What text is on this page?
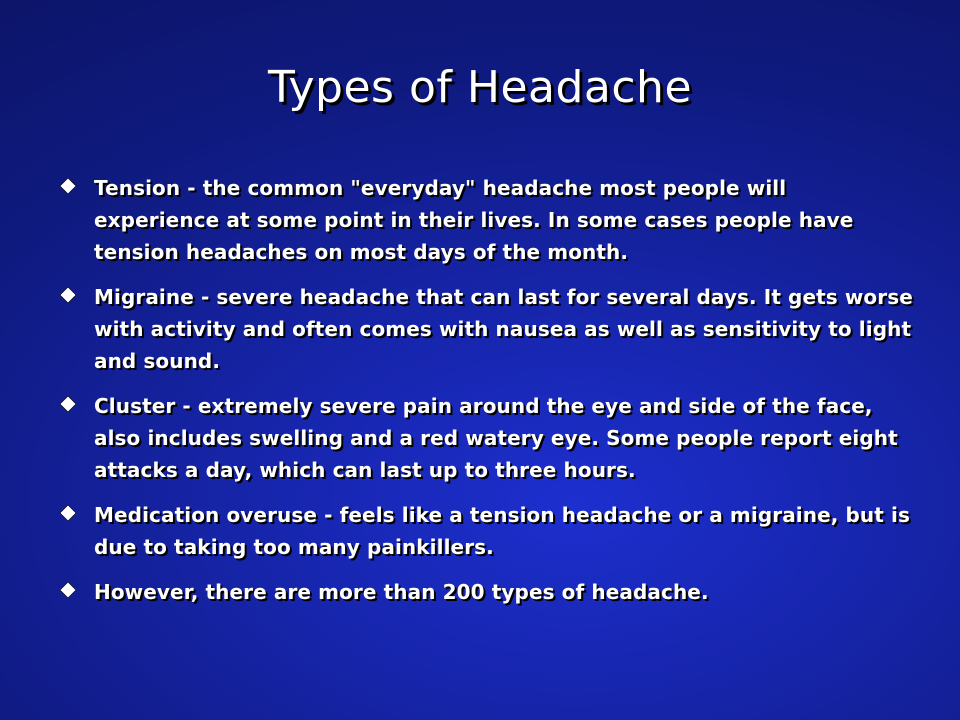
Types of Headache
Tension - the common "everyday" headache most people will experience at some point in their lives. In some cases people have tension headaches on most days of the month.
Migraine - severe headache that can last for several days. It gets worse with activity and often comes with nausea as well as sensitivity to light and sound.
Cluster - extremely severe pain around the eye and side of the face, also includes swelling and a red watery eye. Some people report eight attacks a day, which can last up to three hours.
Medication overuse - feels like a tension headache or a migraine, but is due to taking too many painkillers.
However, there are more than 200 types of headache.
